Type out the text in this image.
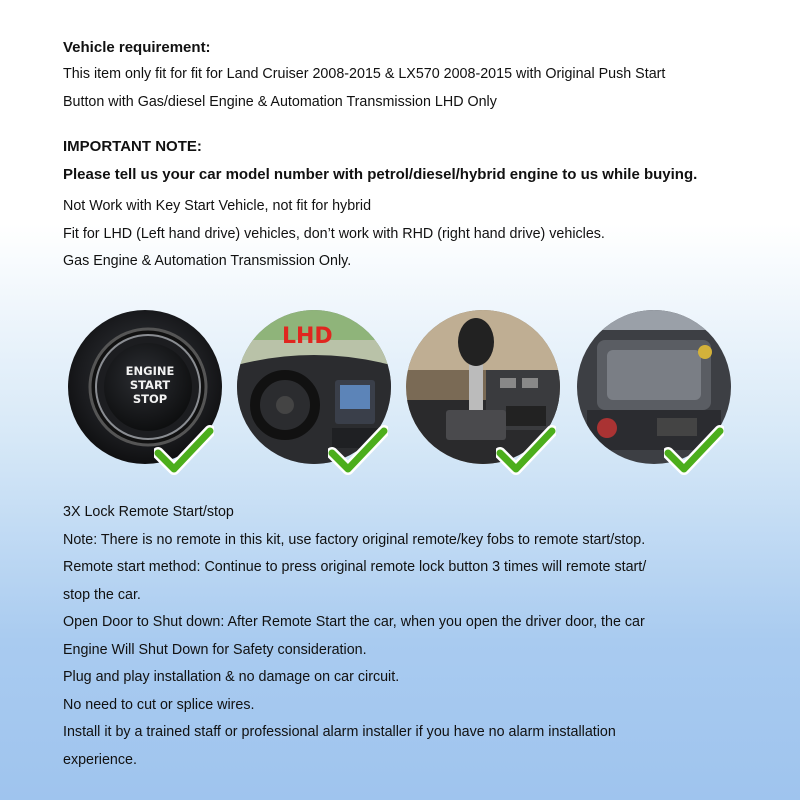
Vehicle requirement:
This item only fit for fit for Land Cruiser 2008-2015 & LX570 2008-2015 with Original Push Start
Button with Gas/diesel Engine & Automation Transmission LHD Only
IMPORTANT NOTE:
Please tell us your car model number with petrol/diesel/hybrid engine to us while buying.
Not Work with Key Start Vehicle, not fit for hybrid
Fit for LHD (Left hand drive) vehicles, don’t work with RHD (right hand drive) vehicles.
Gas Engine & Automation Transmission Only.
ENGINE
START
STOP
LHD
3X Lock Remote Start/stop
Note: There is no remote in this kit, use factory original remote/key fobs to remote start/stop.
Remote start method: Continue to press original remote lock button 3 times will remote start/
stop the car.
Open Door to Shut down: After Remote Start the car, when you open the driver door, the car
Engine Will Shut Down for Safety consideration.
Plug and play installation & no damage on car circuit.
No need to cut or splice wires.
Install it by a trained staff or professional alarm installer if you have no alarm installation
experience.
